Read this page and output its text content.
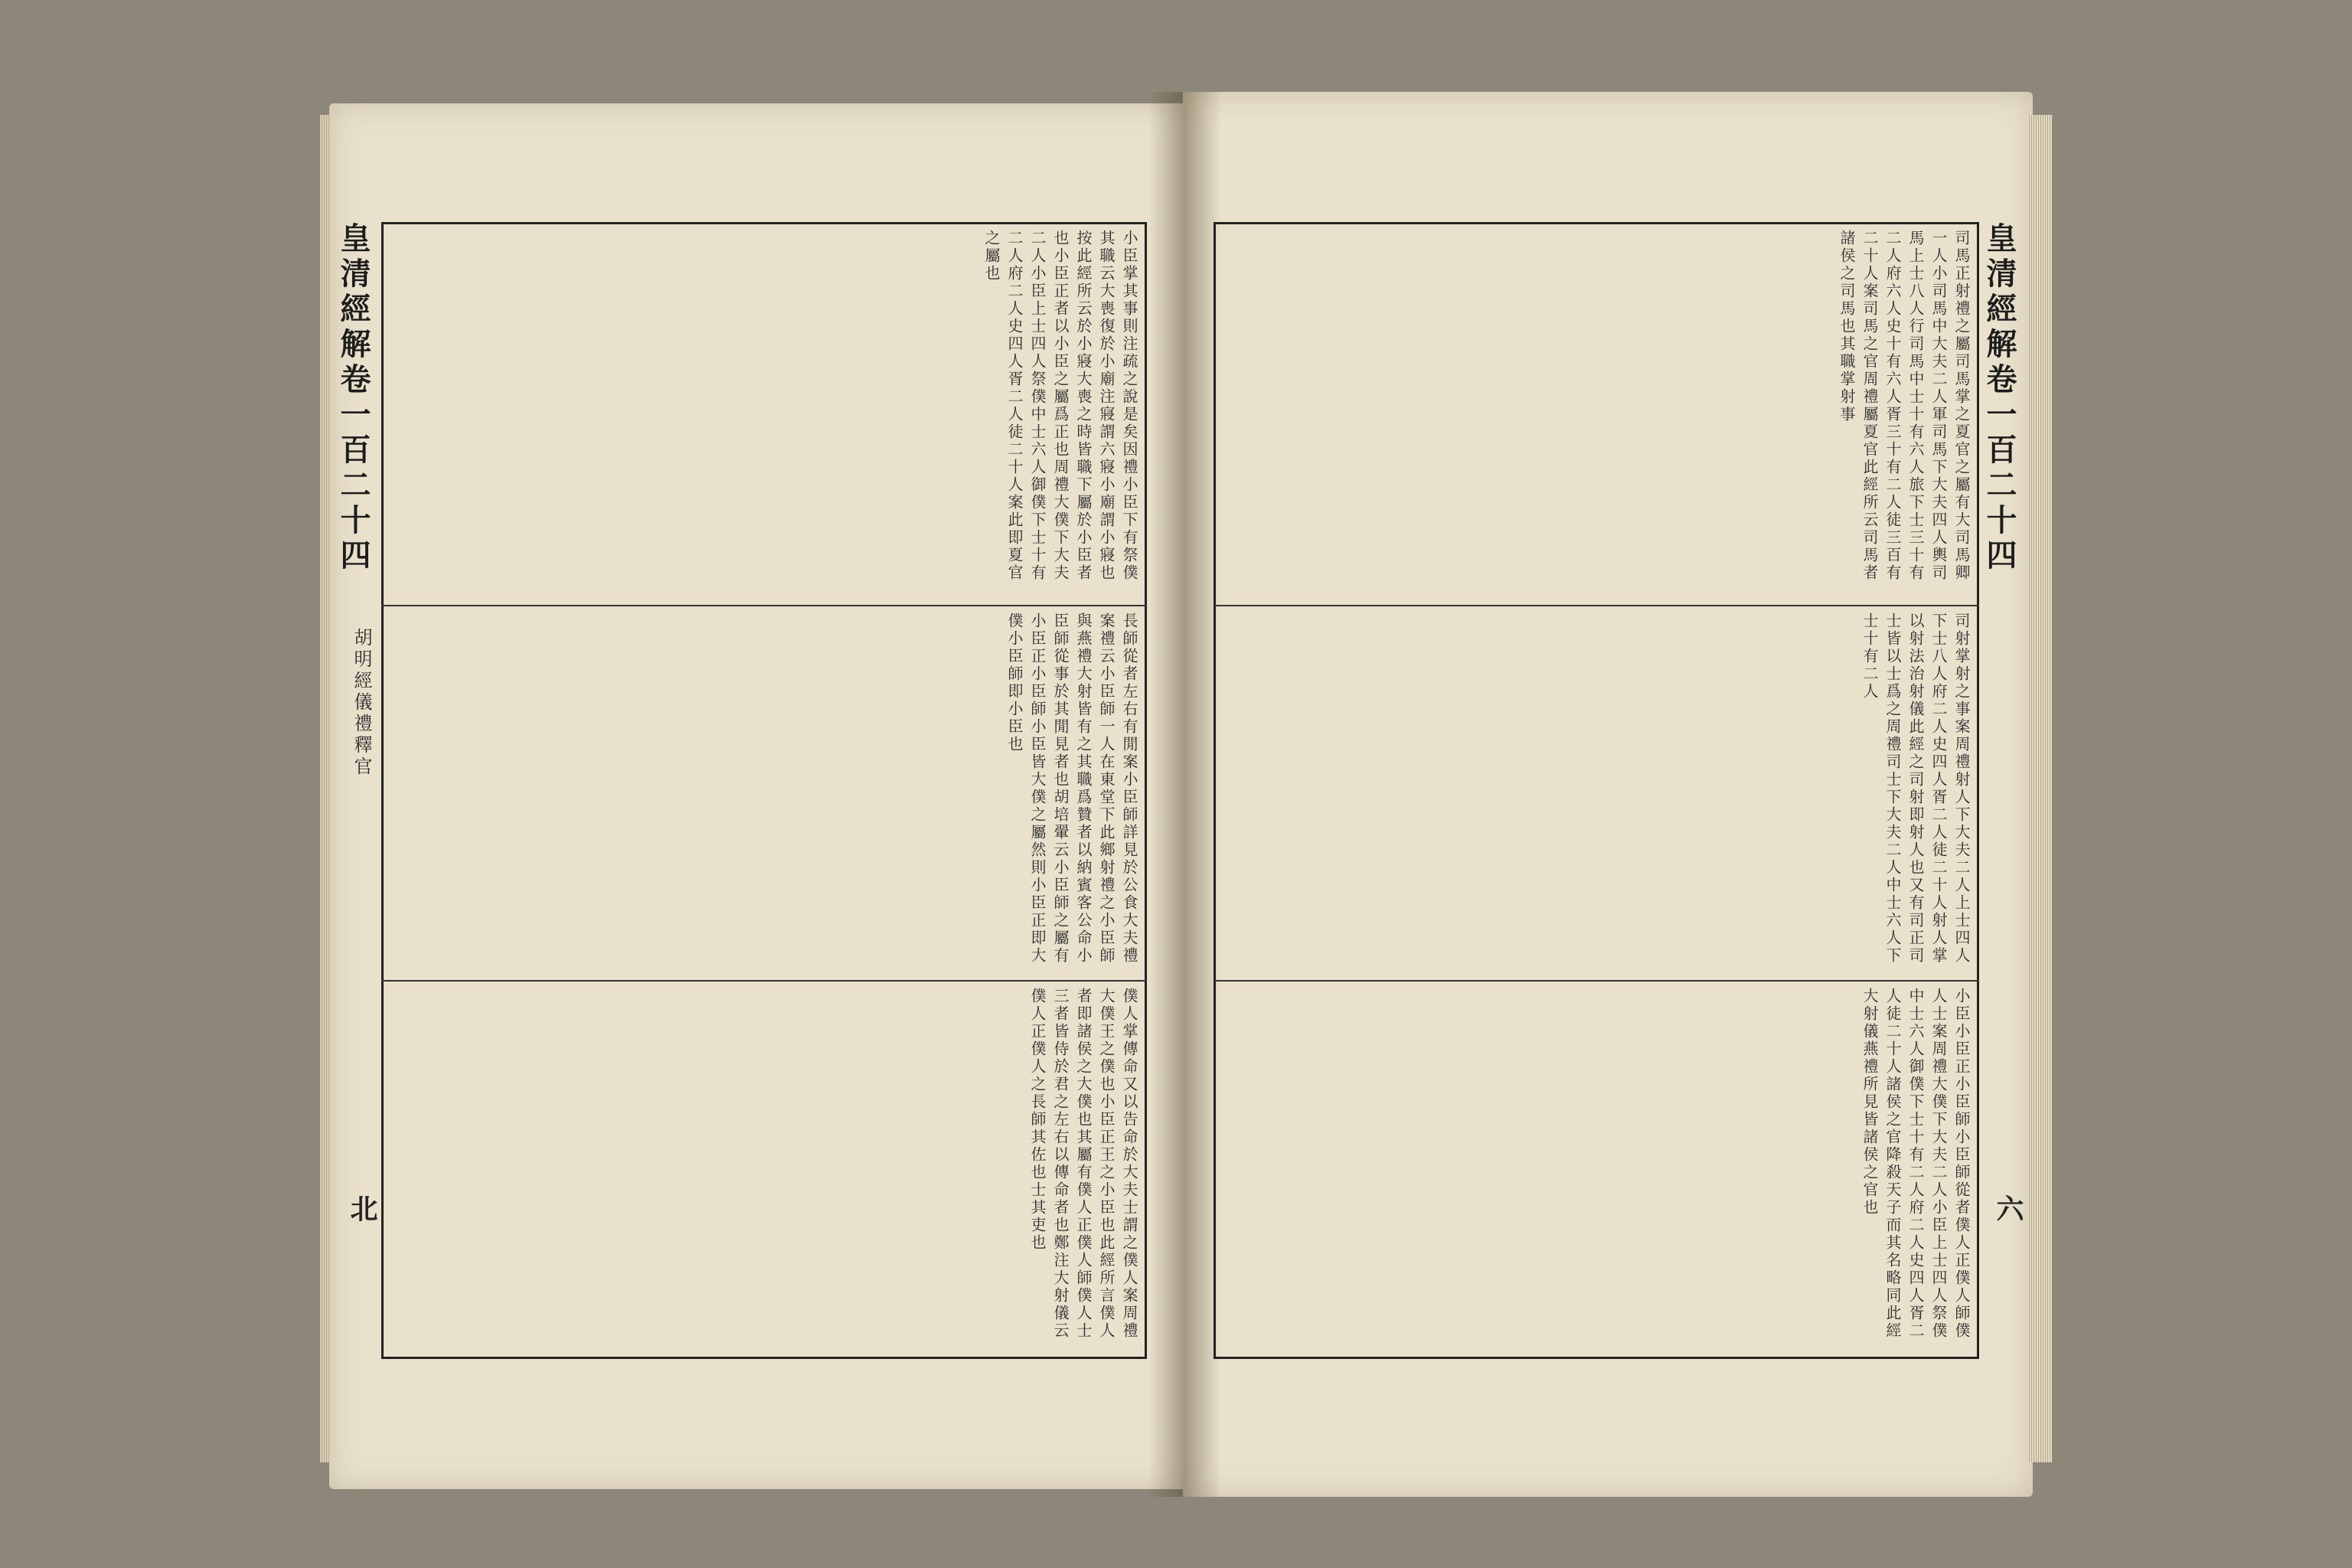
皇清經解卷一百二十四
胡明經儀禮釋官
北
小臣掌其事則注疏之說是矣因禮小臣下有祭僕其職云大喪復於小廟注寢謂六寢小廟謂小寢也按此經所云於小寢大喪之時皆職下屬於小臣者也小臣正者以小臣之屬爲正也周禮大僕下大夫二人小臣上士四人祭僕中士六人御僕下士十有二人府二人史四人胥二人徒二十人案此即夏官之屬也
長師從者左右有閒案小臣師詳見於公食大夫禮案禮云小臣師一人在東堂下此鄉射禮之小臣師與燕禮大射皆有之其職爲贊者以納賓客公命小臣師從事於其閒見者也胡培翬云小臣師之屬有小臣正小臣師小臣皆大僕之屬然則小臣正即大僕小臣師即小臣也
僕人掌傳命又以告命於大夫士謂之僕人案周禮大僕王之僕也小臣正王之小臣也此經所言僕人者即諸侯之大僕也其屬有僕人正僕人師僕人士三者皆侍於君之左右以傳命者也鄭注大射儀云僕人正僕人之長師其佐也士其吏也
皇清經解卷一百二十四
六
司馬正射禮之屬司馬掌之夏官之屬有大司馬卿一人小司馬中大夫二人軍司馬下大夫四人輿司馬上士八人行司馬中士十有六人旅下士三十有二人府六人史十有六人胥三十有二人徒三百有二十人案司馬之官周禮屬夏官此經所云司馬者諸侯之司馬也其職掌射事
司射掌射之事案周禮射人下大夫二人上士四人下士八人府二人史四人胥二人徒二十人射人掌以射法治射儀此經之司射即射人也又有司正司士皆以士爲之周禮司士下大夫二人中士六人下士十有二人
小臣小臣正小臣師小臣師從者僕人正僕人師僕人士案周禮大僕下大夫二人小臣上士四人祭僕中士六人御僕下士十有二人府二人史四人胥二人徒二十人諸侯之官降殺天子而其名略同此經大射儀燕禮所見皆諸侯之官也
